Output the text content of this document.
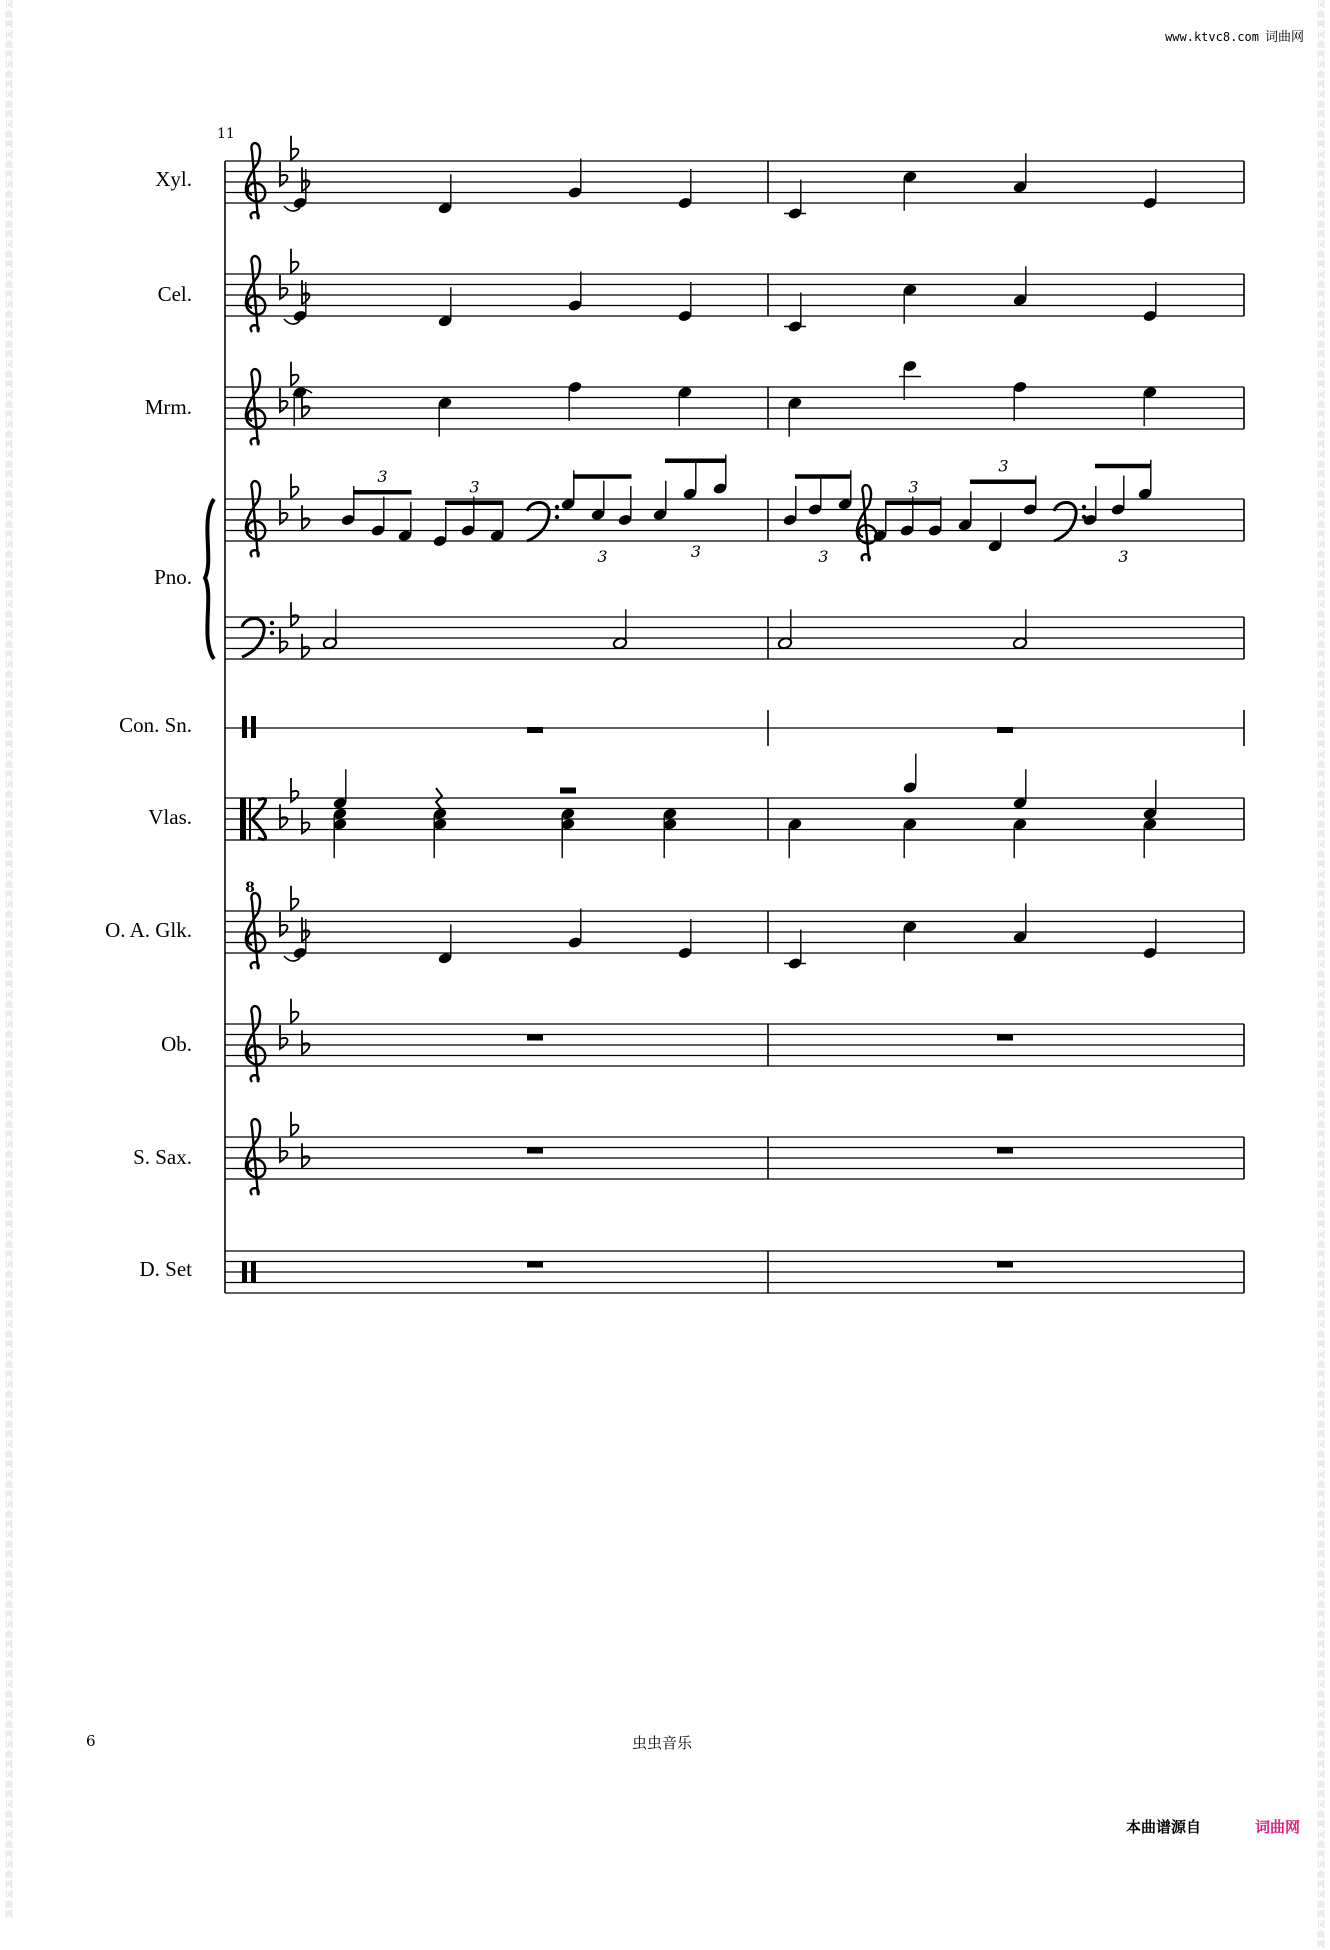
词曲网词曲网词曲网词曲网词曲网词曲网词曲网词曲网词曲网词曲网词曲网词曲网词曲网词曲网词曲网词曲网词曲网词曲网词曲网词曲网词曲网词曲网词曲网词曲网词曲网词曲网词曲网词曲网词曲网词曲网词曲网词曲网词曲网词曲网词曲网词曲网词曲网词曲网词曲网词曲网词曲网词曲网词曲网词曲网词曲网词曲网词曲网词曲网词曲网词曲网词曲网词曲网词曲网词曲网词曲网词曲网词曲网词曲网词曲网词曲网词曲网词曲网词曲网词曲网
词曲网词曲网词曲网词曲网词曲网词曲网词曲网词曲网词曲网词曲网词曲网词曲网词曲网词曲网词曲网词曲网词曲网词曲网词曲网词曲网词曲网词曲网词曲网词曲网词曲网词曲网词曲网词曲网词曲网词曲网词曲网词曲网词曲网词曲网词曲网词曲网词曲网词曲网词曲网词曲网词曲网词曲网词曲网词曲网词曲网词曲网词曲网词曲网词曲网词曲网词曲网词曲网词曲网词曲网词曲网词曲网词曲网词曲网词曲网词曲网词曲网词曲网词曲网词曲网词曲网
www.ktvc8.com 词曲网
11
Xyl.
Cel.
Mrm.
Pno.
Con. Sn.
Vlas.
O. A. Glk.
Ob.
S. Sax.
D. Set
8
3
3
3	3	3
3
3
3
6	虫虫音乐
本曲谱源自	词曲网
